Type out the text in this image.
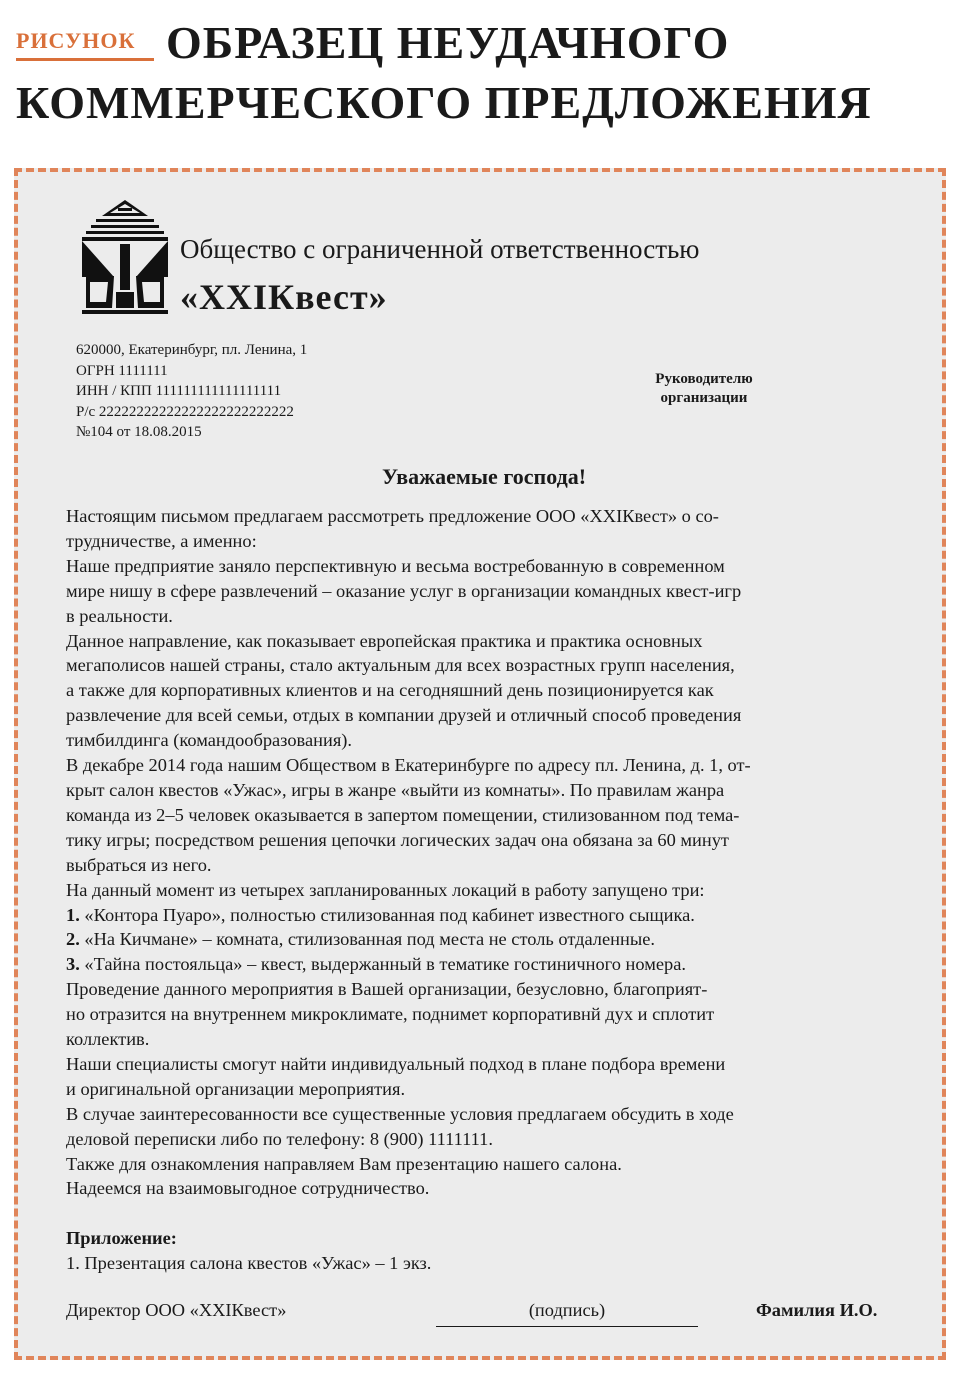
РИСУНОК ОБРАЗЕЦ НЕУДАЧНОГО
КОММЕРЧЕСКОГО ПРЕДЛОЖЕНИЯ
Общество с ограниченной ответственностью
«XXIКвест»
620000, Екатеринбург, пл. Ленина, 1
ОГРН 1111111
ИНН / КПП 111111111111111111
Р/с 22222222222222222222222222
№104 от 18.08.2015
Руководителю
организации
Уважаемые господа!
Настоящим письмом предлагаем рассмотреть предложение ООО «XXIКвест» о со-
трудничестве, а именно:
Наше предприятие заняло перспективную и весьма востребованную в современном
мире нишу в сфере развлечений – оказание услуг в организации командных квест-игр
в реальности.
Данное направление, как показывает европейская практика и практика основных
мегаполисов нашей страны, стало актуальным для всех возрастных групп населения,
а также для корпоративных клиентов и на сегодняшний день позиционируется как
развлечение для всей семьи, отдых в компании друзей и отличный способ проведения
тимбилдинга (командообразования).
В декабре 2014 года нашим Обществом в Екатеринбурге по адресу пл. Ленина, д. 1, от-
крыт салон квестов «Ужас», игры в жанре «выйти из комнаты». По правилам жанра
команда из 2–5 человек оказывается в запертом помещении, стилизованном под тема-
тику игры; посредством решения цепочки логических задач она обязана за 60 минут
выбраться из него.
На данный момент из четырех запланированных локаций в работу запущено три:
1. «Контора Пуаро», полностью стилизованная под кабинет известного сыщика.
2. «На Кичмане» – комната, стилизованная под места не столь отдаленные.
3. «Тайна постояльца» – квест, выдержанный в тематике гостиничного номера.
Проведение данного мероприятия в Вашей организации, безусловно, благоприят-
но отразится на внутреннем микроклимате, поднимет корпоративнй дух и сплотит
коллектив.
Наши специалисты смогут найти индивидуальный подход в плане подбора времени
и оригинальной организации мероприятия.
В случае заинтересованности все существенные условия предлагаем обсудить в ходе
деловой переписки либо по телефону: 8 (900) 1111111.
Также для ознакомления направляем Вам презентацию нашего салона.
Надеемся на взаимовыгодное сотрудничество.
Приложение:
1. Презентация салона квестов «Ужас» – 1 экз.
Директор ООО «XXIКвест»	(подпись)	Фамилия И.О.
